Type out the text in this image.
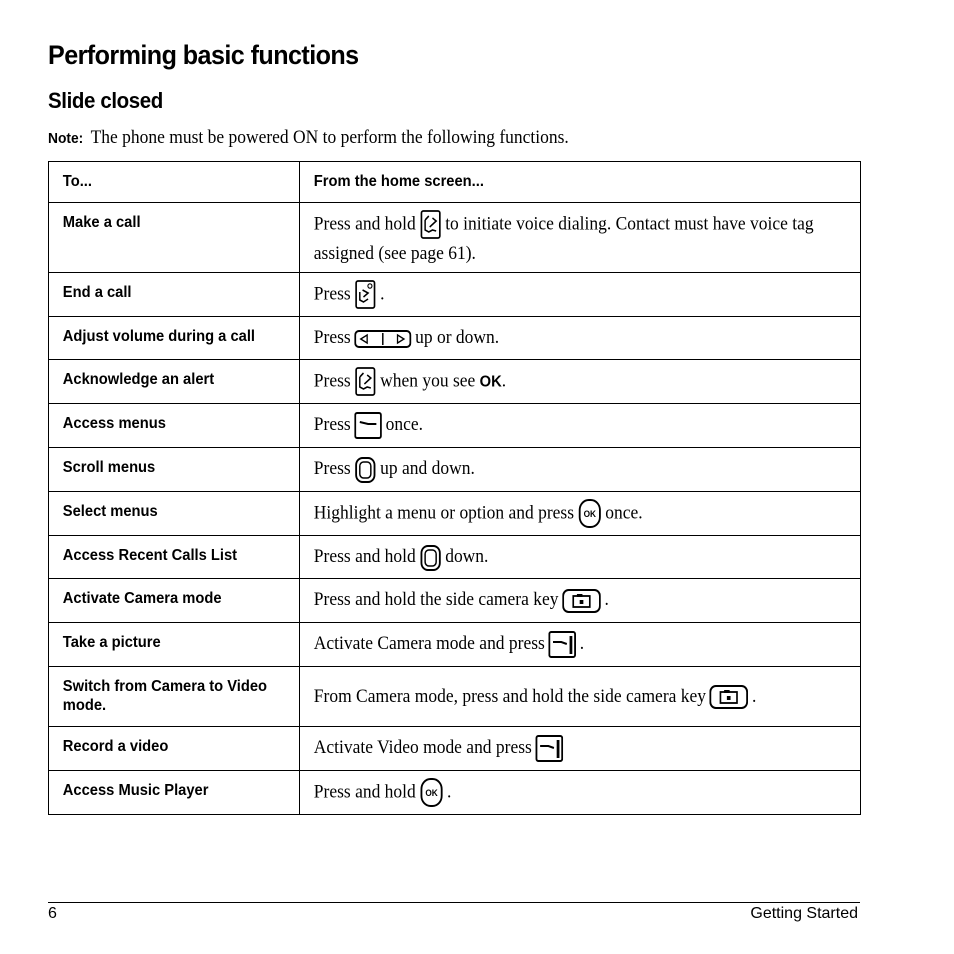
Performing basic functions
Slide closed

Note: The phone must be powered ON to perform the following functions.

To...	From the home screen...

Make a call	Press and hold to initiate voice dialing. Contact must have voice tag assigned (see page 61).

End a call	Press .

Adjust volume during a call	Press up or down.

Acknowledge an alert	Press when you see OK.

Access menus	Press once.

Scroll menus	Press up and down.

Select menus	Highlight a menu or option and press once.

Access Recent Calls List	Press and hold down.

Activate Camera mode	Press and hold the side camera key .

Take a picture	Activate Camera mode and press .

Switch from Camera to Video mode.	From Camera mode, press and hold the side camera key .

Record a video	Activate Video mode and press

Access Music Player	Press and hold .
6	Getting Started
